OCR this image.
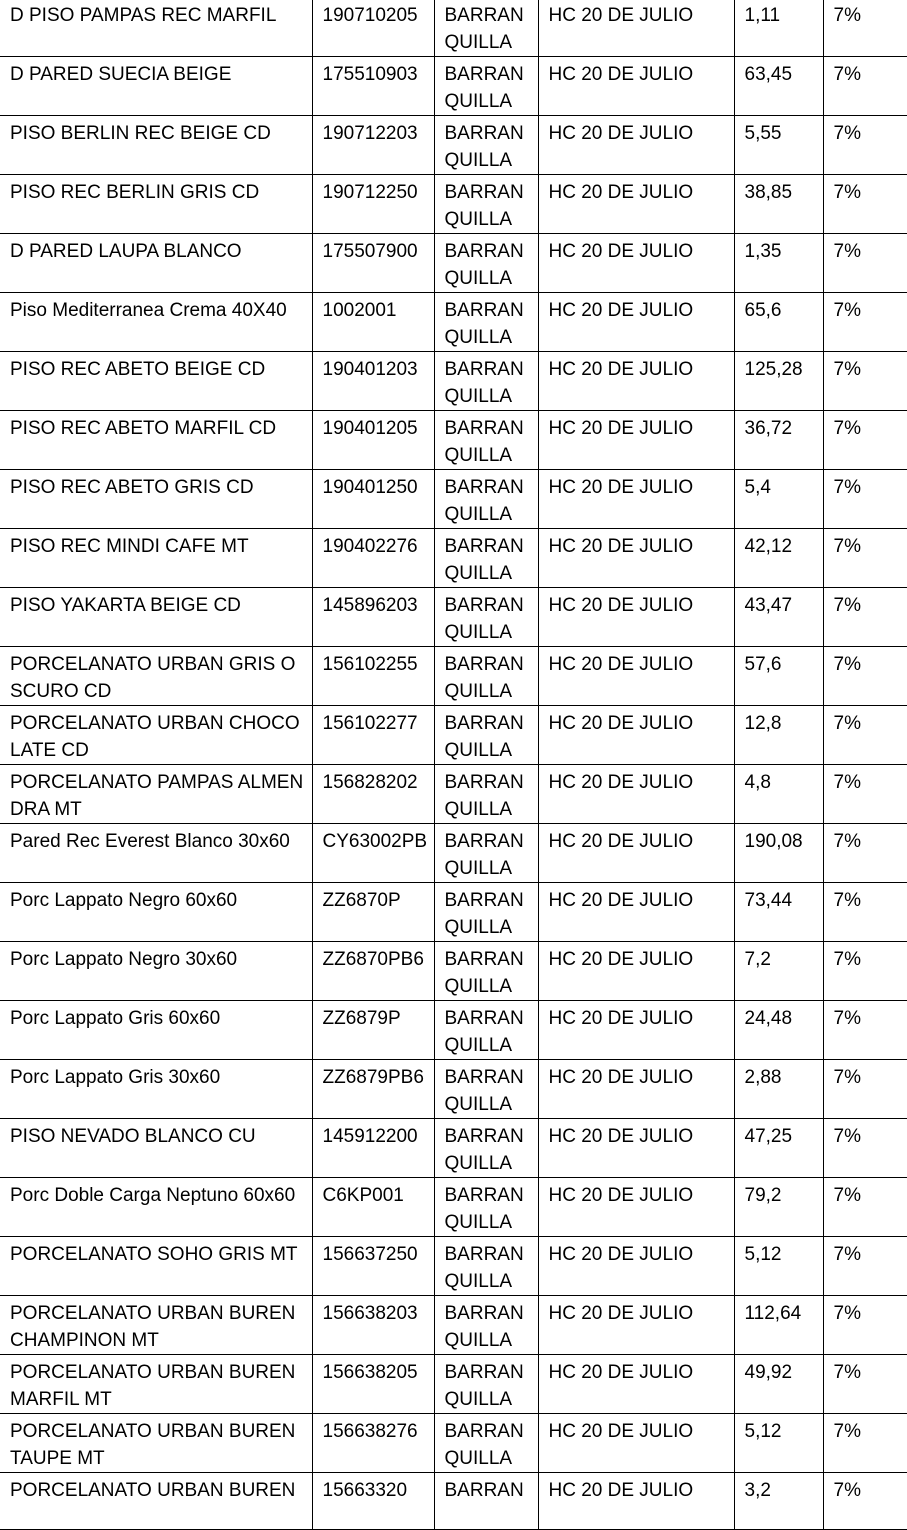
D PISO PAMPAS REC MARFIL	190710205	BARRANQUILLA	HC 20 DE JULIO	1,11	7%
D PARED SUECIA BEIGE	175510903	BARRANQUILLA	HC 20 DE JULIO	63,45	7%
PISO BERLIN REC BEIGE CD	190712203	BARRANQUILLA	HC 20 DE JULIO	5,55	7%
PISO REC BERLIN GRIS CD	190712250	BARRANQUILLA	HC 20 DE JULIO	38,85	7%
D PARED LAUPA BLANCO	175507900	BARRANQUILLA	HC 20 DE JULIO	1,35	7%
Piso Mediterranea Crema 40X40	1002001	BARRANQUILLA	HC 20 DE JULIO	65,6	7%
PISO REC ABETO BEIGE CD	190401203	BARRANQUILLA	HC 20 DE JULIO	125,28	7%
PISO REC ABETO MARFIL CD	190401205	BARRANQUILLA	HC 20 DE JULIO	36,72	7%
PISO REC ABETO GRIS CD	190401250	BARRANQUILLA	HC 20 DE JULIO	5,4	7%
PISO REC MINDI CAFE MT	190402276	BARRANQUILLA	HC 20 DE JULIO	42,12	7%
PISO YAKARTA BEIGE CD	145896203	BARRANQUILLA	HC 20 DE JULIO	43,47	7%
PORCELANATO URBAN GRIS OSCURO CD	156102255	BARRANQUILLA	HC 20 DE JULIO	57,6	7%
PORCELANATO URBAN CHOCOLATE CD	156102277	BARRANQUILLA	HC 20 DE JULIO	12,8	7%
PORCELANATO PAMPAS ALMENDRA MT	156828202	BARRANQUILLA	HC 20 DE JULIO	4,8	7%
Pared Rec Everest Blanco 30x60	CY63002PB	BARRANQUILLA	HC 20 DE JULIO	190,08	7%
Porc Lappato Negro 60x60	ZZ6870P	BARRANQUILLA	HC 20 DE JULIO	73,44	7%
Porc Lappato Negro 30x60	ZZ6870PB6	BARRANQUILLA	HC 20 DE JULIO	7,2	7%
Porc Lappato Gris 60x60	ZZ6879P	BARRANQUILLA	HC 20 DE JULIO	24,48	7%
Porc Lappato Gris 30x60	ZZ6879PB6	BARRANQUILLA	HC 20 DE JULIO	2,88	7%
PISO NEVADO BLANCO CU	145912200	BARRANQUILLA	HC 20 DE JULIO	47,25	7%
Porc Doble Carga Neptuno 60x60	C6KP001	BARRANQUILLA	HC 20 DE JULIO	79,2	7%
PORCELANATO SOHO GRIS MT	156637250	BARRANQUILLA	HC 20 DE JULIO	5,12	7%
PORCELANATO URBAN BUREN CHAMPINON MT	156638203	BARRANQUILLA	HC 20 DE JULIO	112,64	7%
PORCELANATO URBAN BUREN MARFIL MT	156638205	BARRANQUILLA	HC 20 DE JULIO	49,92	7%
PORCELANATO URBAN BUREN TAUPE MT	156638276	BARRANQUILLA	HC 20 DE JULIO	5,12	7%
PORCELANATO URBAN BUREN	15663320	BARRAN	HC 20 DE JULIO	3,2	7%
